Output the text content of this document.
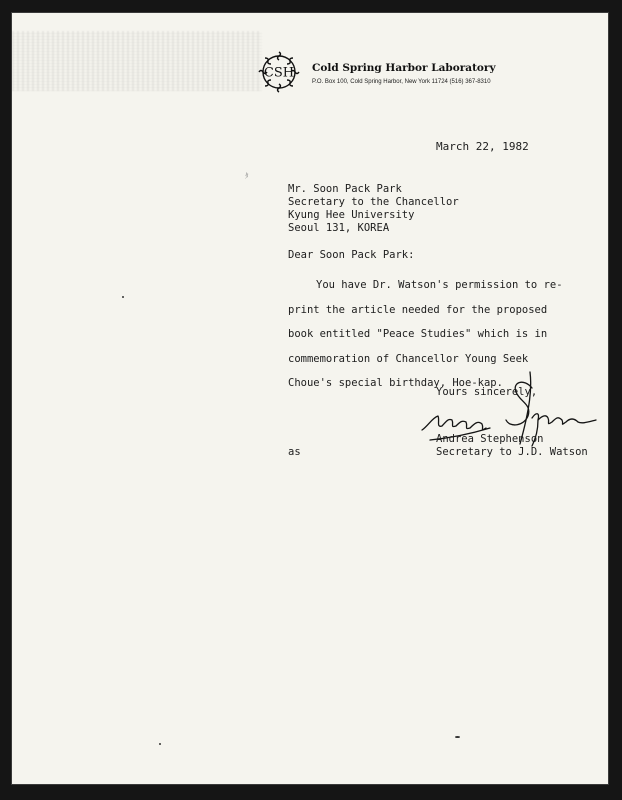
CSH Cold Spring Harbor Laboratory
P.O. Box 100, Cold Spring Harbor, New York 11724 (516) 367-8310
March 22, 1982
ﾀ
Mr. Soon Pack Park
Secretary to the Chancellor
Kyung Hee University
Seoul 131, KOREA
Dear Soon Pack Park:
You have Dr. Watson's permission to re-
print the article needed for the proposed
book entitled "Peace Studies" which is in
commemoration of Chancellor Young Seek
Choue's special birthday, Hoe-kap.
Yours sincerely,
Andrea Stephenson
Secretary to J.D. Watson
as
